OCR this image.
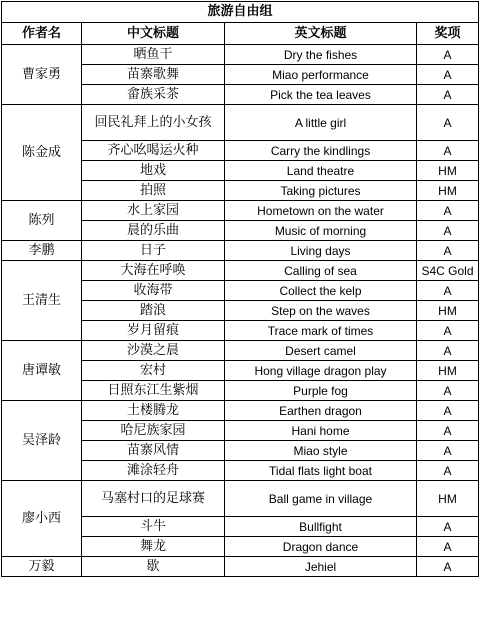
旅游自由组			
作者名	中文标题	英文标题	奖项
曹家勇	晒鱼干	Dry the fishes	A
	苗寨歌舞	Miao performance	A
	畲族采茶	Pick the tea leaves	A
陈金成	回民礼拜上的小女孩	A little girl	A
	齐心吆喝运火种	Carry the kindlings	A
	地戏	Land theatre	HM
	拍照	Taking pictures	HM
陈列	水上家园	Hometown on the water	A
	晨的乐曲	Music of morning	A
李鹏	日子	Living days	A
王清生	大海在呼唤	Calling of sea	S4C Gold
	收海带	Collect the kelp	A
	踏浪	Step on the waves	HM
	岁月留痕	Trace mark of times	A
唐谭敏	沙漠之晨	Desert camel	A
	宏村	Hong village dragon play	HM
	日照东江生紫烟	Purple fog	A
吴泽龄	土楼腾龙	Earthen dragon	A
	哈尼族家园	Hani home	A
	苗寨风情	Miao style	A
	滩涂轻舟	Tidal flats light boat	A
廖小西	马塞村口的足球赛	Ball game in village	HM
	斗牛	Bullfight	A
	舞龙	Dragon dance	A
万毅	歇	Jehiel	A
